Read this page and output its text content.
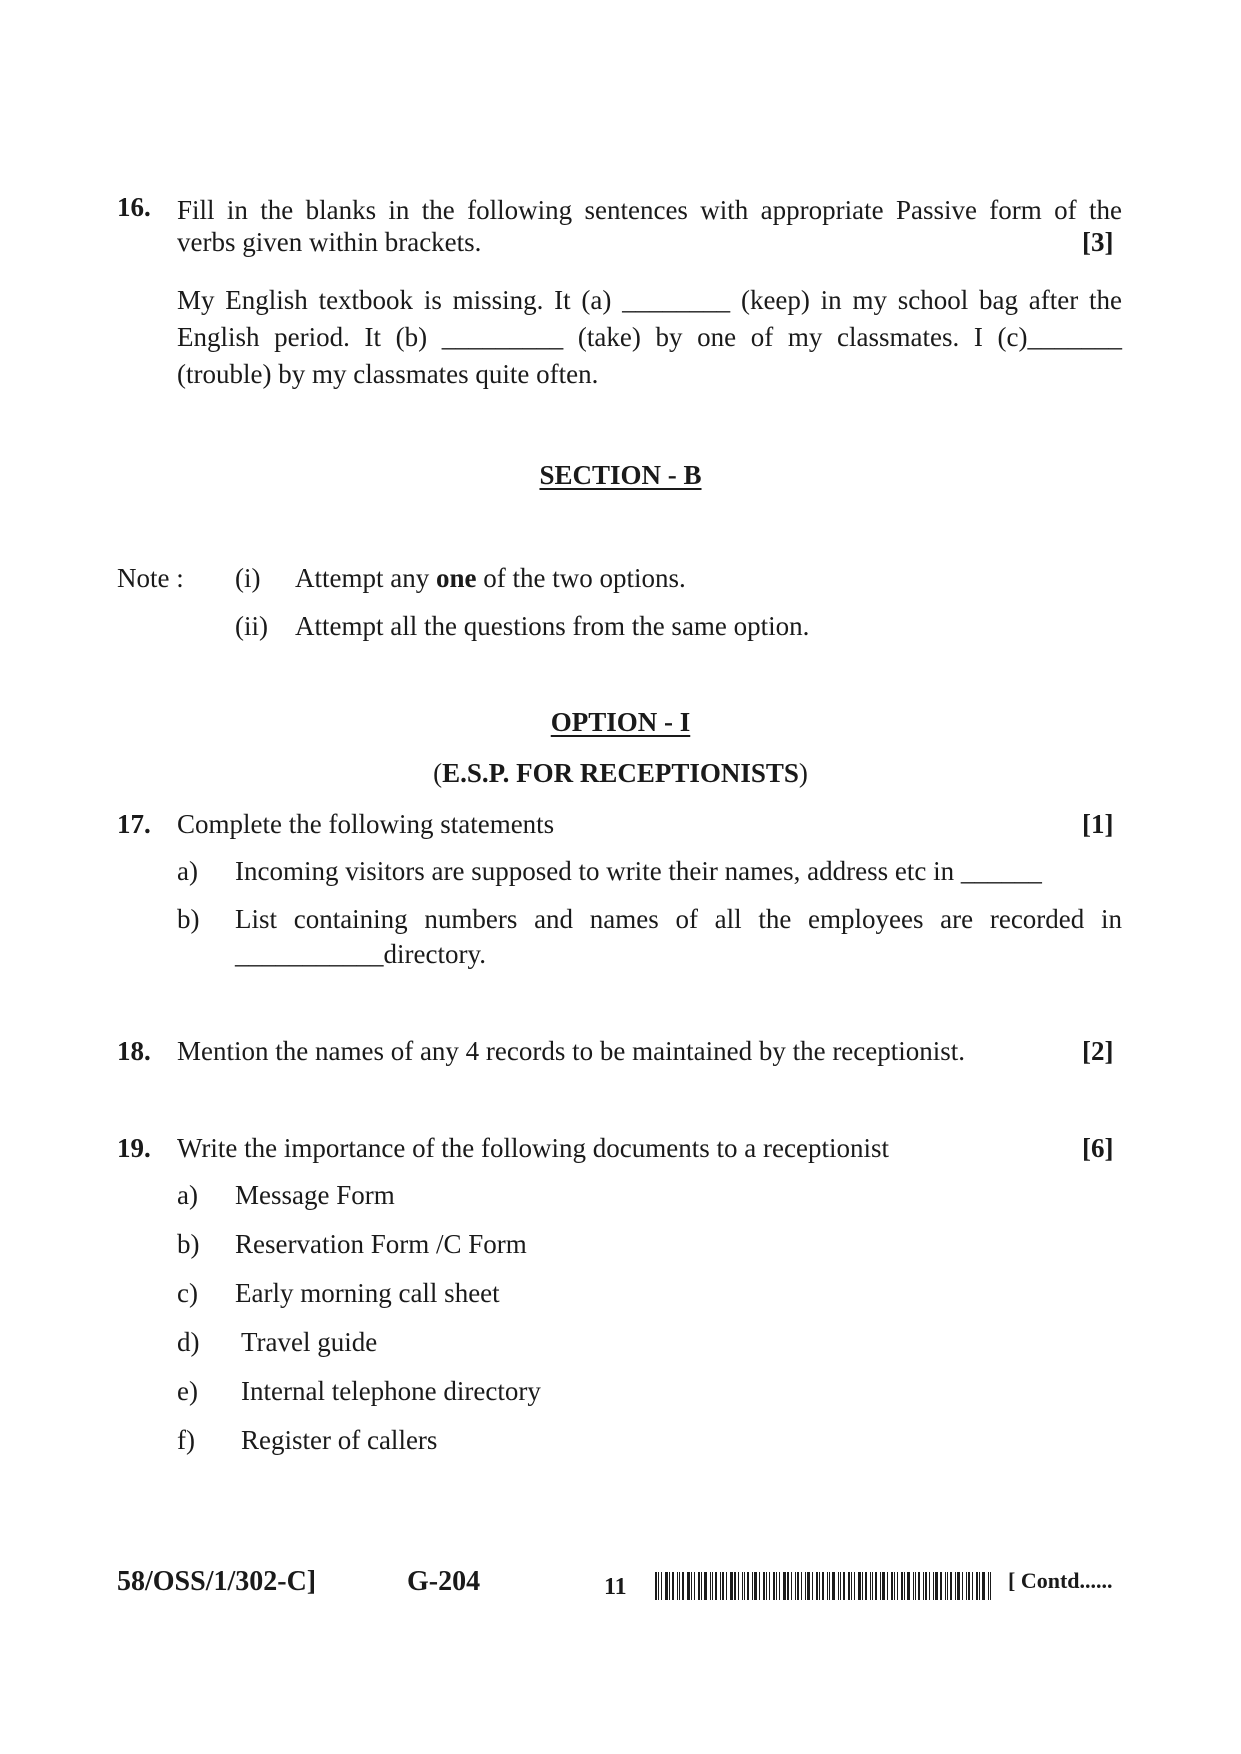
16. Fill in the blanks in the following sentences with appropriate Passive form of the
verbs given within brackets.	[3]
My English textbook is missing. It (a) ________ (keep) in my school bag after the English period. It (b) _________ (take) by one of my classmates. I (c)_______ (trouble) by my classmates quite often.
SECTION - B
Note : (i) Attempt any one of the two options.
(ii) Attempt all the questions from the same option.
OPTION - I
(E.S.P. FOR RECEPTIONISTS)
17. Complete the following statements	[1]
a) Incoming visitors are supposed to write their names, address etc in ______
b) List containing numbers and names of all the employees are recorded in
___________directory.
18. Mention the names of any 4 records to be maintained by the receptionist.	[2]
19. Write the importance of the following documents to a receptionist	[6]
a) Message Form
b) Reservation Form /C Form
c) Early morning call sheet
d) Travel guide
e) Internal telephone directory
f) Register of callers
58/OSS/1/302-C]	G-204	11	[ Contd......
